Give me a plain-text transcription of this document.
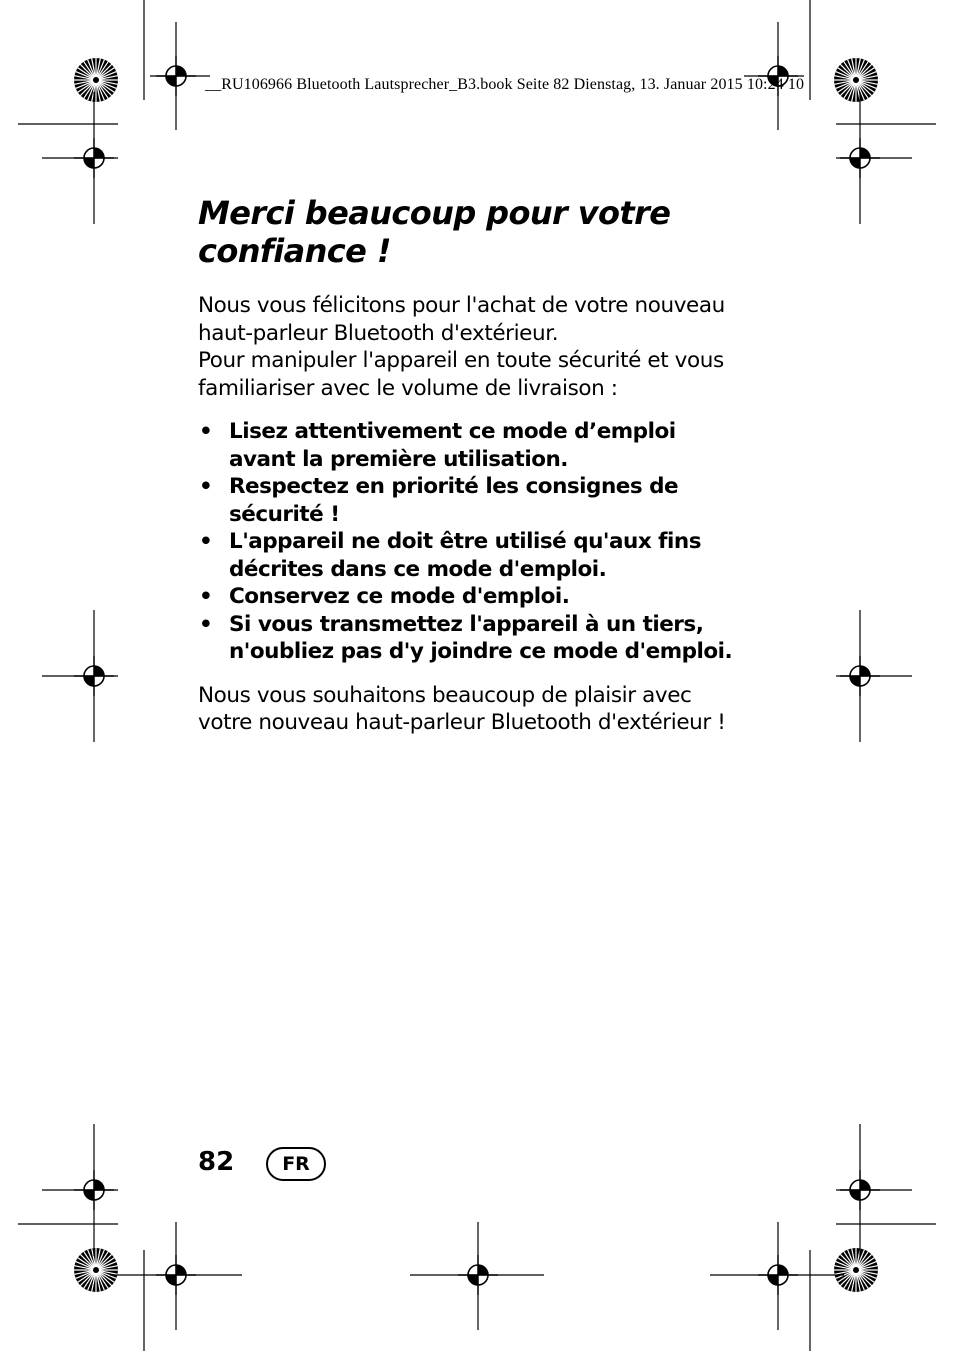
__RU106966 Bluetooth Lautsprecher_B3.book Seite 82 Dienstag, 13. Januar 2015 10:24 10
Merci beaucoup pour votre
confiance !

Nous vous félicitons pour l'achat de votre nouveau haut-parleur Bluetooth d'extérieur.

Pour manipuler l'appareil en toute sécurité et vous familiariser avec le volume de livraison :

• Lisez attentivement ce mode d’emploi avant la première utilisation.
• Respectez en priorité les consignes de sécurité !
• L'appareil ne doit être utilisé qu'aux fins décrites dans ce mode d'emploi.
• Conservez ce mode d'emploi.
• Si vous transmettez l'appareil à un tiers, n'oubliez pas d'y joindre ce mode d'emploi.

Nous vous souhaitons beaucoup de plaisir avec votre nouveau haut-parleur Bluetooth d'extérieur !

82	FR
